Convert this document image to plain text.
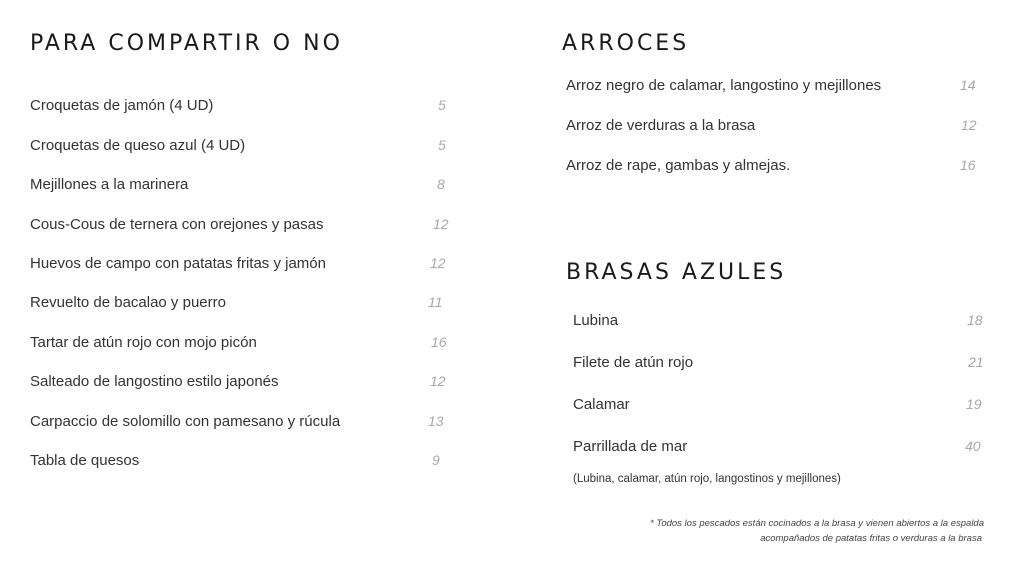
PARA COMPARTIR O NO
Croquetas de jamón (4 UD)	5
Croquetas de queso azul (4 UD)	5
Mejillones a la marinera	8
Cous-Cous de ternera con orejones y pasas	12
Huevos de campo con patatas fritas y jamón	12
Revuelto de bacalao y puerro	11
Tartar de atún rojo con mojo picón	16
Salteado de langostino estilo japonés	12
Carpaccio de solomillo con pamesano y rúcula	13
Tabla de quesos	9
ARROCES
Arroz negro de calamar, langostino y mejillones	14
Arroz de verduras a la brasa	12
Arroz de rape, gambas y almejas.	16
BRASAS AZULES
Lubina	18
Filete de atún rojo	21
Calamar	19
Parrillada de mar	40
(Lubina, calamar, atún rojo, langostinos y mejillones)
* Todos los pescados están cocinados a la brasa y vienen abiertos a la espalda
acompañados de patatas fritas o verduras a la brasa
